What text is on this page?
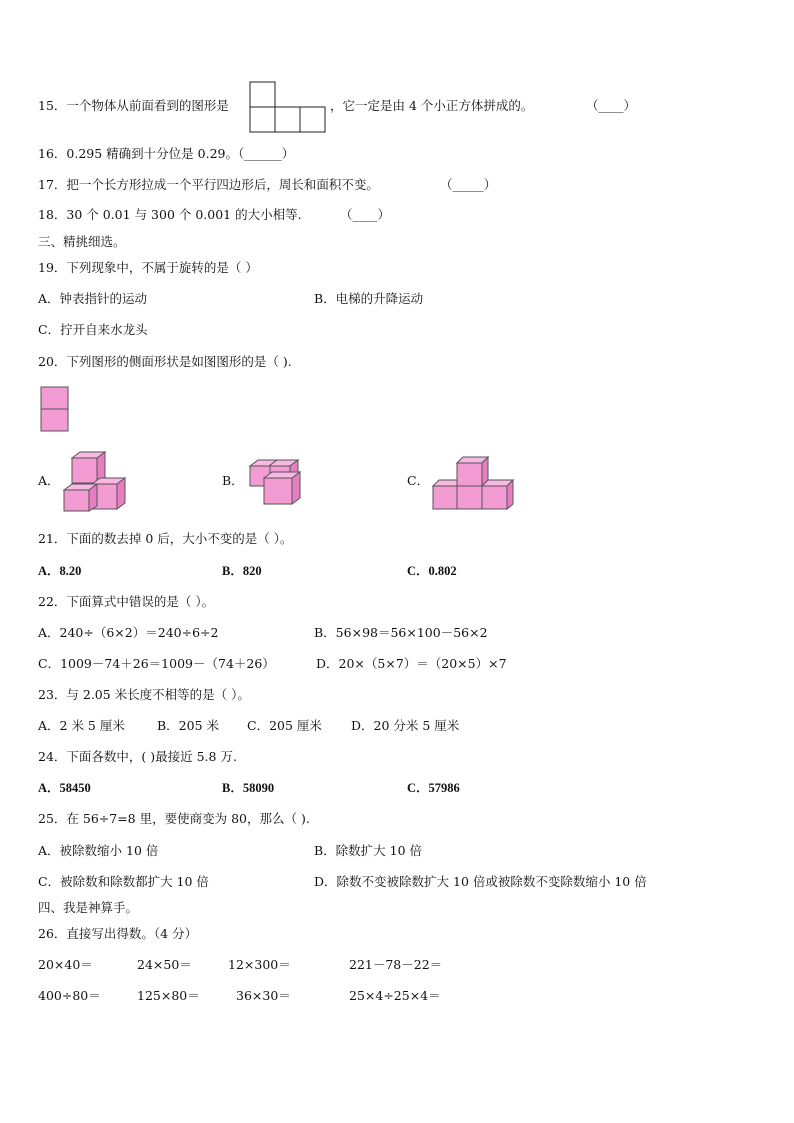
15．一个物体从前面看到的图形是	，它一定是由 4 个小正方体拼成的。	（____）
16．0.295 精确到十分位是 0.29。（______）
17．把一个长方形拉成一个平行四边形后，周长和面积不变。	（_____）
18．30 个 0.01 与 300 个 0.001 的大小相等.	（____）
三、精挑细选。
19．下列现象中，不属于旋转的是（ ）
A．钟表指针的运动	B．电梯的升降运动
C．拧开自来水龙头
20．下列图形的侧面形状是如图图形的是（ ).
A．	B．	C．
21．下面的数去掉 0 后，大小不变的是（ ）。
A．8.20	B．820	C．0.802
22．下面算式中错误的是（ ）。
A．240÷（6×2）＝240÷6÷2	B．56×98＝56×100－56×2
C．1009－74＋26＝1009－（74＋26）	D．20×（5×7）＝（20×5）×7
23．与 2.05 米长度不相等的是（ ）。
A．2 米 5 厘米	B．205 米 C．205 厘米 D．20 分米 5 厘米
24．下面各数中，( )最接近 5.8 万.
A．58450	B．58090	C．57986
25．在 56÷7=8 里，要使商变为 80，那么（ ).
A．被除数缩小 10 倍	B．除数扩大 10 倍
C．被除数和除数都扩大 10 倍	D．除数不变被除数扩大 10 倍或被除数不变除数缩小 10 倍
四、我是神算手。
26．直接写出得数。（4 分）
20×40＝	24×50＝	12×300＝	221－78－22＝
400÷80＝	125×80＝	36×30＝	25×4÷25×4＝
